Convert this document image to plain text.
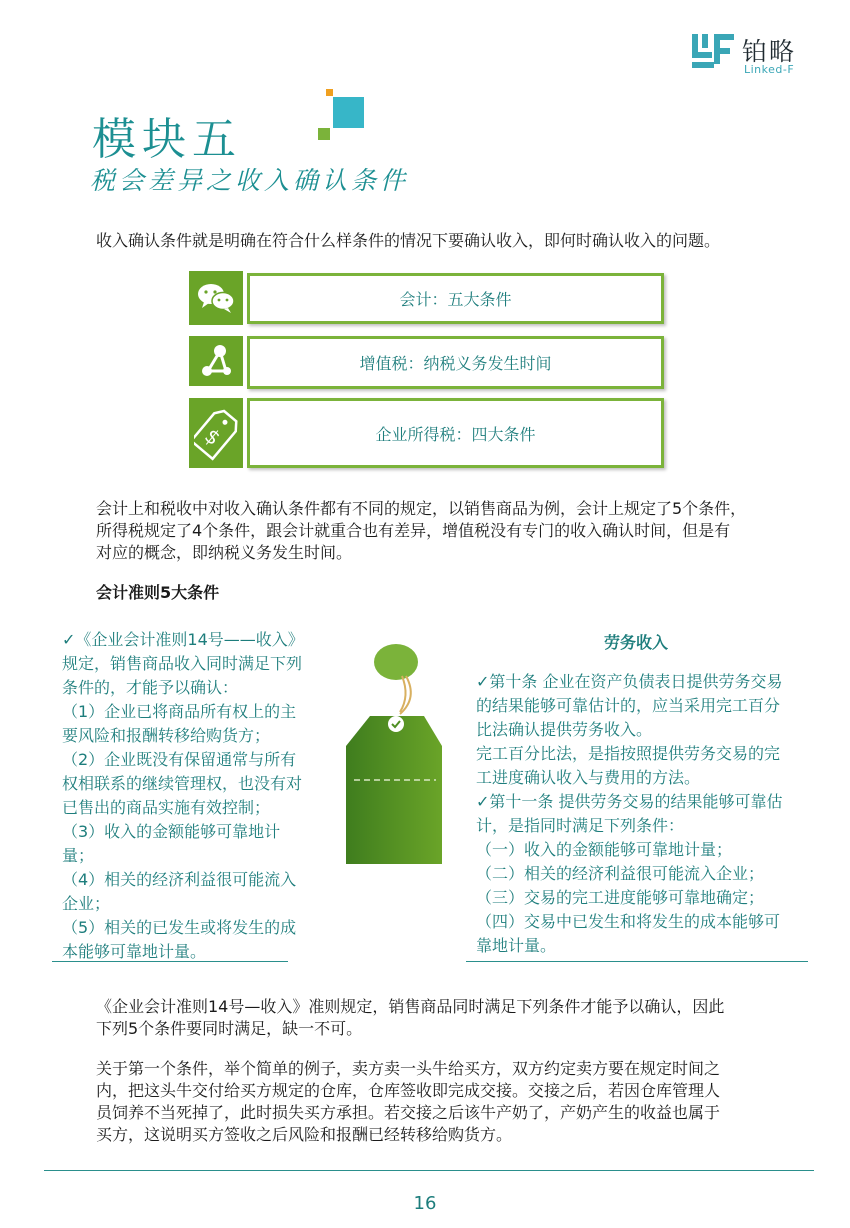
铂略
Linked-F
模块五
税会差异之收入确认条件
收入确认条件就是明确在符合什么样条件的情况下要确认收入，即何时确认收入的问题。
会计：五大条件
增值税：纳税义务发生时间
$	企业所得税：四大条件
会计上和税收中对收入确认条件都有不同的规定，以销售商品为例，会计上规定了5个条件，
所得税规定了4个条件，跟会计就重合也有差异，增值税没有专门的收入确认时间，但是有
对应的概念，即纳税义务发生时间。
会计准则5大条件
✓《企业会计准则14号——收入》
规定，销售商品收入同时满足下列
条件的，才能予以确认：
（1）企业已将商品所有权上的主
要风险和报酬转移给购货方；
（2）企业既没有保留通常与所有
权相联系的继续管理权，也没有对
已售出的商品实施有效控制；
（3）收入的金额能够可靠地计量；
（4）相关的经济利益很可能流入
企业；
（5）相关的已发生或将发生的成
本能够可靠地计量。
劳务收入
✓第十条 企业在资产负债表日提供劳务交易
的结果能够可靠估计的，应当采用完工百分
比法确认提供劳务收入。
完工百分比法，是指按照提供劳务交易的完
工进度确认收入与费用的方法。
✓第十一条 提供劳务交易的结果能够可靠估
计，是指同时满足下列条件：
（一）收入的金额能够可靠地计量；
（二）相关的经济利益很可能流入企业；
（三）交易的完工进度能够可靠地确定；
（四）交易中已发生和将发生的成本能够可
靠地计量。
《企业会计准则14号—收入》准则规定，销售商品同时满足下列条件才能予以确认，因此
下列5个条件要同时满足，缺一不可。
关于第一个条件，举个简单的例子，卖方卖一头牛给买方，双方约定卖方要在规定时间之
内，把这头牛交付给买方规定的仓库，仓库签收即完成交接。交接之后，若因仓库管理人
员饲养不当死掉了，此时损失买方承担。若交接之后该牛产奶了，产奶产生的收益也属于
买方，这说明买方签收之后风险和报酬已经转移给购货方。
16
